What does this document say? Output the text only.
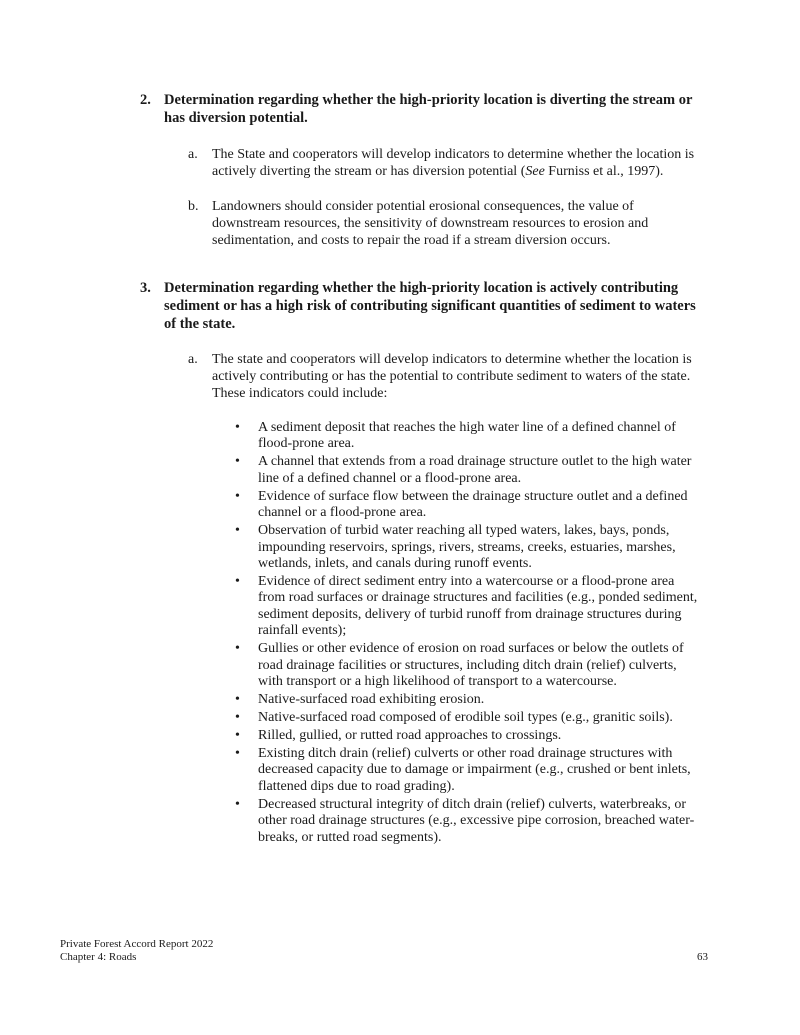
2. Determination regarding whether the high-priority location is diverting the stream or has diversion potential.
a.	The State and cooperators will develop indicators to determine whether the location is actively diverting the stream or has diversion potential (See Furniss et al., 1997).
b. Landowners should consider potential erosional consequences, the value of downstream resources, the sensitivity of downstream resources to erosion and sedimentation, and costs to repair the road if a stream diversion occurs.
3. Determination regarding whether the high-priority location is actively contributing sediment or has a high risk of contributing significant quantities of sediment to waters of the state.
a.	The state and cooperators will develop indicators to determine whether the location is actively contributing or has the potential to contribute sediment to waters of the state. These indicators could include:
•	A sediment deposit that reaches the high water line of a defined channel of flood-prone area.
•	A channel that extends from a road drainage structure outlet to the high water line of a defined channel or a flood-prone area.
•	Evidence of surface flow between the drainage structure outlet and a defined channel or a flood-prone area.
•	Observation of turbid water reaching all typed waters, lakes, bays, ponds, impounding reservoirs, springs, rivers, streams, creeks, estuaries, marshes, wetlands, inlets, and canals during runoff events.
•	Evidence of direct sediment entry into a watercourse or a flood-prone area from road surfaces or drainage structures and facilities (e.g., ponded sediment, sediment deposits, delivery of turbid runoff from drainage structures during rainfall events);
•	Gullies or other evidence of erosion on road surfaces or below the outlets of road drainage facilities or structures, including ditch drain (relief) culverts, with transport or a high likelihood of transport to a watercourse.
•	Native-surfaced road exhibiting erosion.
•	Native-surfaced road composed of erodible soil types (e.g., granitic soils).
•	Rilled, gullied, or rutted road approaches to crossings.
•	Existing ditch drain (relief) culverts or other road drainage structures with decreased capacity due to damage or impairment (e.g., crushed or bent inlets, flattened dips due to road grading).
•	Decreased structural integrity of ditch drain (relief) culverts, waterbreaks, or other road drainage structures (e.g., excessive pipe corrosion, breached water-breaks, or rutted road segments).
Private Forest Accord Report 2022
Chapter 4: Roads	63
